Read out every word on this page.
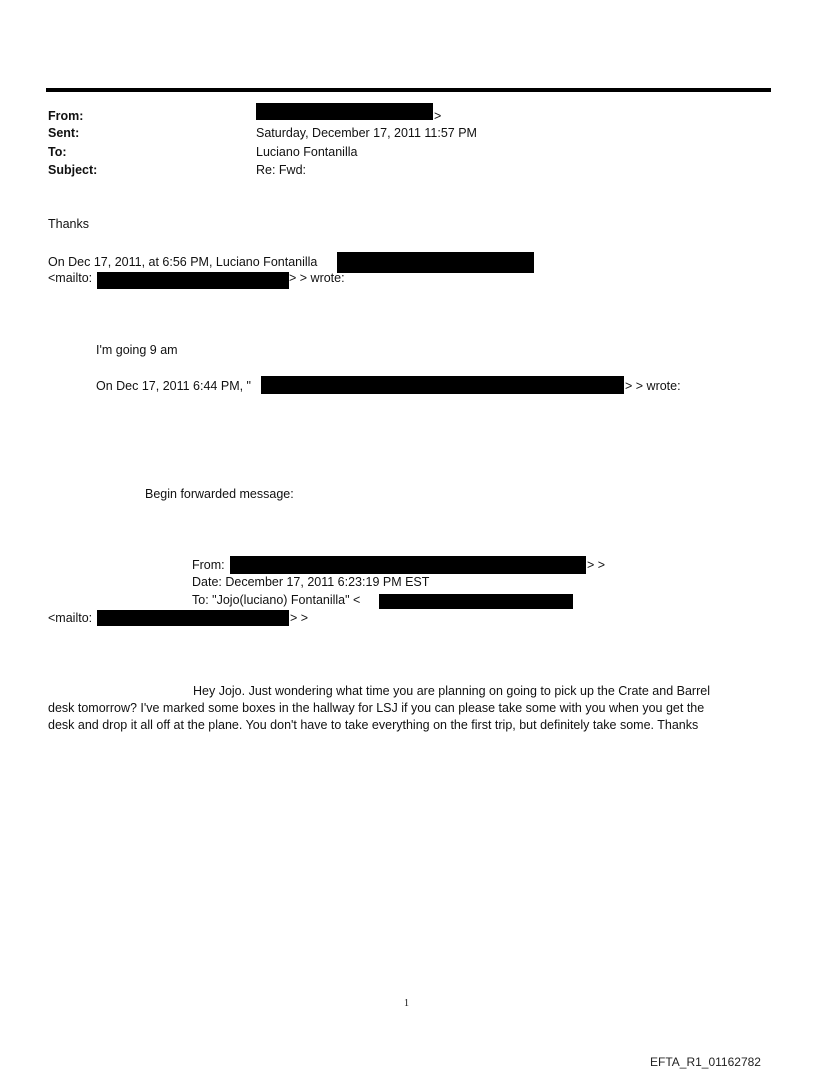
From:	>
Sent:	Saturday, December 17, 2011 11:57 PM
To:	Luciano Fontanilla
Subject:	Re: Fwd:
Thanks
On Dec 17, 2011, at 6:56 PM, Luciano Fontanilla
<mailto:	> > wrote:
I'm going 9 am
On Dec 17, 2011 6:44 PM, "	> > wrote:
Begin forwarded message:
From:	> >
Date: December 17, 2011 6:23:19 PM EST
To: "Jojo(luciano) Fontanilla" <
<mailto:	> >
Hey Jojo. Just wondering what time you are planning on going to pick up the Crate and Barrel
desk tomorrow? I've marked some boxes in the hallway for LSJ if you can please take some with you when you get the
desk and drop it all off at the plane. You don't have to take everything on the first trip, but definitely take some. Thanks
1
EFTA_R1_01162782
